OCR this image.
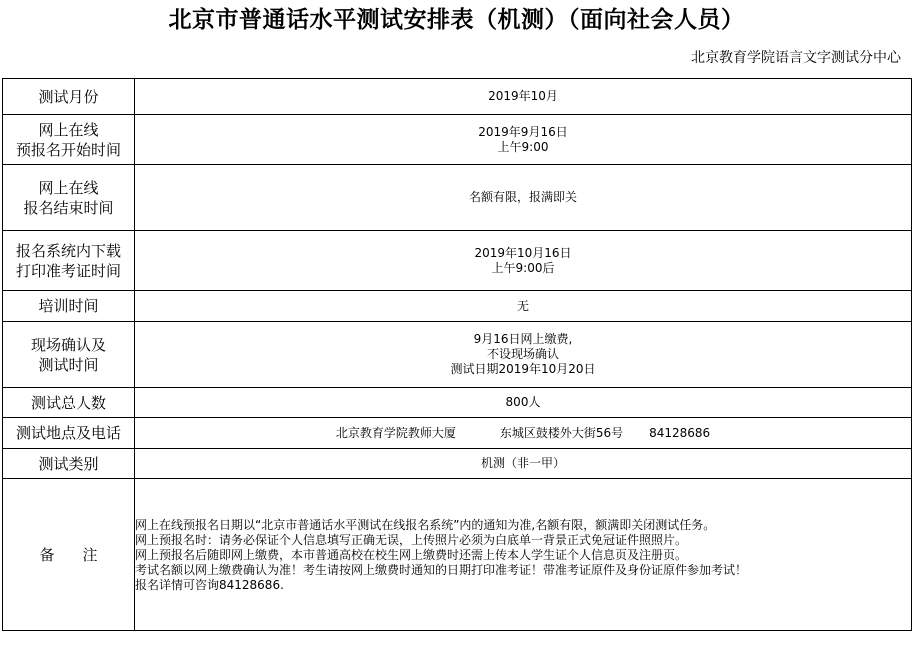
北京市普通话水平测试安排表（机测）（面向社会人员）
北京教育学院语言文字测试分中心
测试月份	2019年10月

网上在线
预报名开始时间	2019年9月16日
上午9:00

网上在线
报名结束时间	名额有限，报满即关

报名系统内下载
打印准考证时间	2019年10月16日
上午9:00后

培训时间	无

现场确认及
测试时间	9月16日网上缴费,
不设现场确认
测试日期2019年10月20日

测试总人数	800人
测试地点及电话	北京教育学院教师大厦 东城区鼓楼外大街56号 84128686
测试类别	机测（非一甲）
备注	网上在线预报名日期以“北京市普通话水平测试在线报名系统”内的通知为准,名额有限，额满即关闭测试任务。
网上预报名时：请务必保证个人信息填写正确无误，上传照片必须为白底单一背景正式免冠证件照照片。
网上预报名后随即网上缴费，本市普通高校在校生网上缴费时还需上传本人学生证个人信息页及注册页。
考试名额以网上缴费确认为准！考生请按网上缴费时通知的日期打印准考证！带准考证原件及身份证原件参加考试！
报名详情可咨询84128686.
